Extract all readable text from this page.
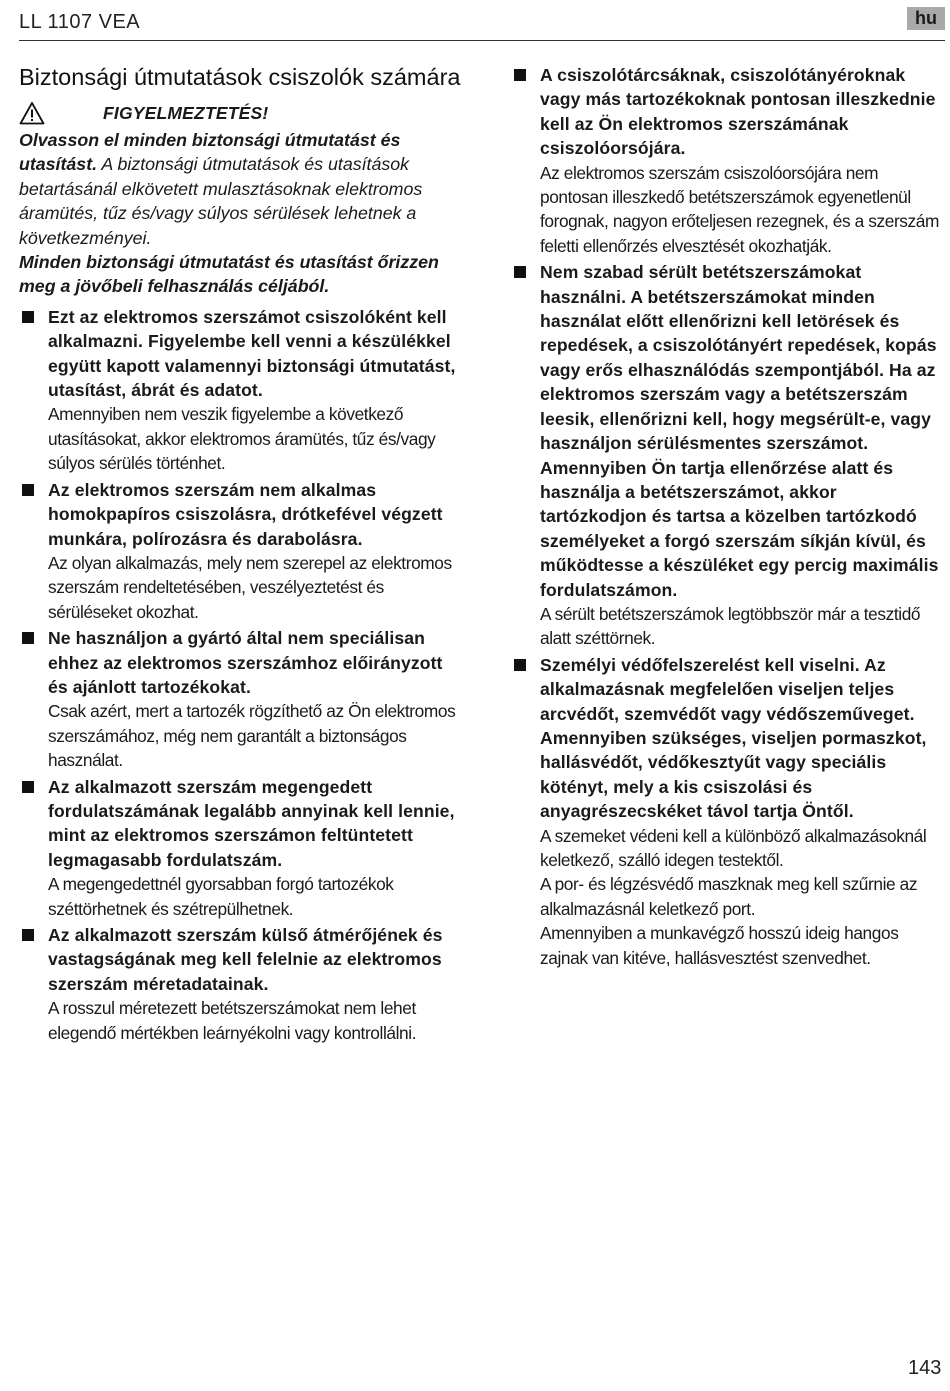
LL 1107 VEA	hu
Biztonsági útmutatások csiszolók számára
FIGYELMEZTETÉS!
Olvasson el minden biztonsági útmutatást és utasítást. A biztonsági útmutatások és utasítások betartásánál elkövetett mulasztásoknak elektromos áramütés, tűz és/vagy súlyos sérülések lehetnek a következményei.
Minden biztonsági útmutatást és utasítást őrizzen meg a jövőbeli felhasználás céljából.
Ezt az elektromos szerszámot csiszolóként kell alkalmazni. Figyelembe kell venni a készülékkel együtt kapott valamennyi biztonsági útmutatást, utasítást, ábrát és adatot.
Amennyiben nem veszik figyelembe a következő utasításokat, akkor elektromos áramütés, tűz és/vagy súlyos sérülés történhet.
Az elektromos szerszám nem alkalmas homokpapíros csiszolásra, drótkefével végzett munkára, polírozásra és darabolásra.
Az olyan alkalmazás, mely nem szerepel az elektromos szerszám rendeltetésében, veszélyeztetést és sérüléseket okozhat.
Ne használjon a gyártó által nem speciálisan ehhez az elektromos szerszámhoz előirányzott és ajánlott tartozékokat.
Csak azért, mert a tartozék rögzíthető az Ön elektromos szerszámához, még nem garantált a biztonságos használat.
Az alkalmazott szerszám megengedett fordulatszámának legalább annyinak kell lennie, mint az elektromos szerszámon feltüntetett legmagasabb fordulatszám.
A megengedettnél gyorsabban forgó tartozékok széttörhetnek és szétrepülhetnek.
Az alkalmazott szerszám külső átmérőjének és vastagságának meg kell felelnie az elektromos szerszám méretadatainak.
A rosszul méretezett betétszerszámokat nem lehet elegendő mértékben leárnyékolni vagy kontrollálni.
A csiszolótárcsáknak, csiszolótányéroknak vagy más tartozékoknak pontosan illeszkednie kell az Ön elektromos szerszámának csiszolóorsójára.
Az elektromos szerszám csiszolóorsójára nem pontosan illeszkedő betétszerszámok egyenetlenül forognak, nagyon erőteljesen rezegnek, és a szerszám feletti ellenőrzés elvesztését okozhatják.
Nem szabad sérült betétszerszámokat használni. A betétszerszámokat minden használat előtt ellenőrizni kell letörések és repedések, a csiszolótányért repedések, kopás vagy erős elhasználódás szempontjából. Ha az elektromos szerszám vagy a betétszerszám leesik, ellenőrizni kell, hogy megsérült-e, vagy használjon sérülésmentes szerszámot. Amennyiben Ön tartja ellenőrzése alatt és használja a betétszerszámot, akkor tartózkodjon és tartsa a közelben tartózkodó személyeket a forgó szerszám síkján kívül, és működtesse a készüléket egy percig maximális fordulatszámon.
A sérült betétszerszámok legtöbbször már a tesztidő alatt széttörnek.
Személyi védőfelszerelést kell viselni. Az alkalmazásnak megfelelően viseljen teljes arcvédőt, szemvédőt vagy védőszeműveget. Amennyiben szükséges, viseljen pormaszkot, hallásvédőt, védőkesztyűt vagy speciális kötényt, mely a kis csiszolási és anyagrészecskéket távol tartja Öntől.
A szemeket védeni kell a különböző alkalmazásoknál keletkező, szálló idegen testektől.
A por- és légzésvédő maszknak meg kell szűrnie az alkalmazásnál keletkező port.
Amennyiben a munkavégző hosszú ideig hangos zajnak van kitéve, hallásvesztést szenvedhet.
143
